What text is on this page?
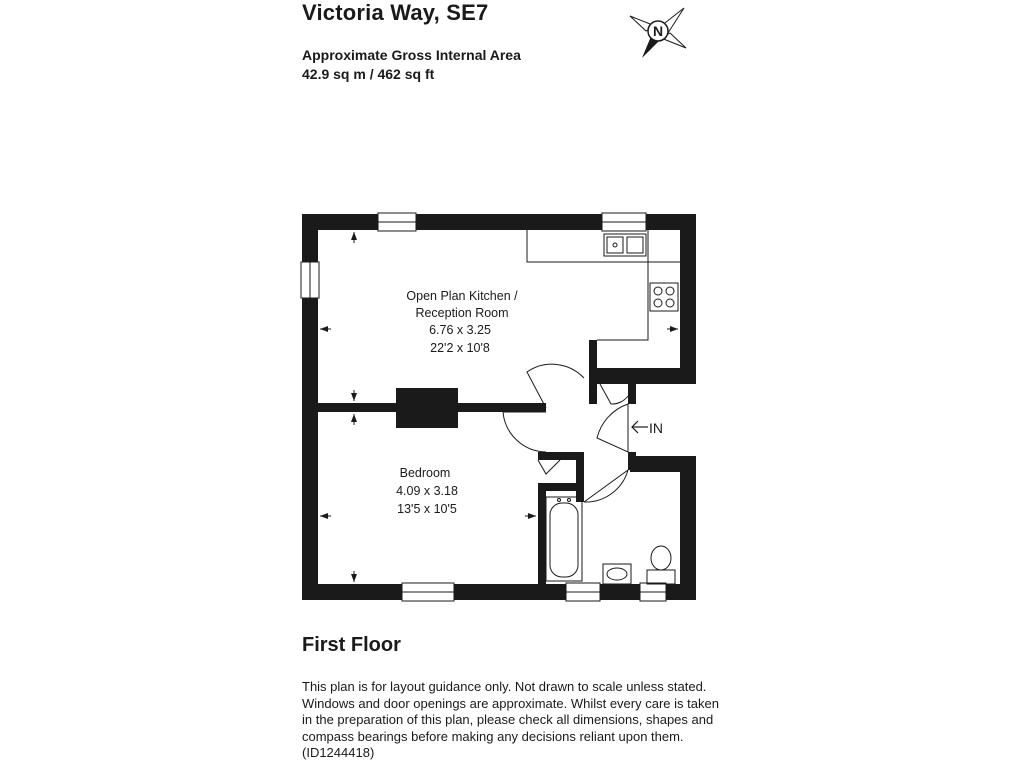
Victoria Way, SE7
Approximate Gross Internal Area
42.9 sq m / 462 sq ft
N
IN
Open Plan Kitchen /
Reception Room
6.76 x 3.25
22'2 x 10'8
Bedroom
4.09 x 3.18
13'5 x 10'5
First Floor
This plan is for layout guidance only. Not drawn to scale unless stated.
Windows and door openings are approximate. Whilst every care is taken
in the preparation of this plan, please check all dimensions, shapes and
compass bearings before making any decisions reliant upon them.
(ID1244418)
